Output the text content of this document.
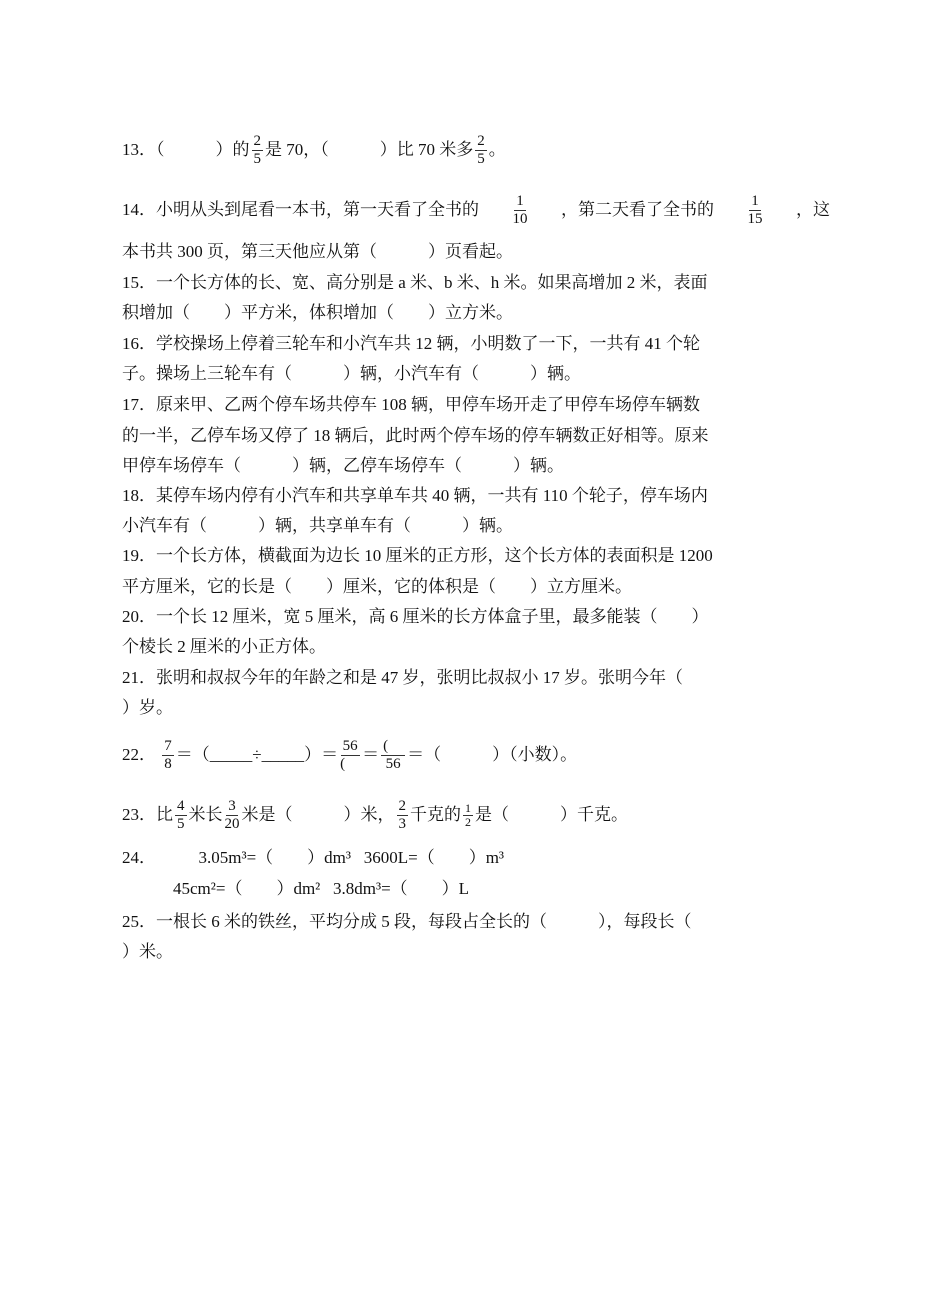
13．（　　　）的 $\frac{2}{5}$ 是 70，（　　　）比 70 米多 $\frac{2}{5}$ 。
14．小明从头到尾看一本书，第一天看了全书的 $\frac{1}{10}$ ，第二天看了全书的 $\frac{1}{15}$ ，这
本书共 300 页，第三天他应从第（　　　）页看起。
15．一个长方体的长、宽、高分别是 a 米、b 米、h 米。如果高增加 2 米，表面
积增加（　　）平方米，体积增加（　　）立方米。
16．学校操场上停着三轮车和小汽车共 12 辆，小明数了一下，一共有 41 个轮
子。操场上三轮车有（　　　）辆，小汽车有（　　　）辆。
17．原来甲、乙两个停车场共停车 108 辆，甲停车场开走了甲停车场停车辆数
的一半，乙停车场又停了 18 辆后，此时两个停车场的停车辆数正好相等。原来
甲停车场停车（　　　）辆，乙停车场停车（　　　）辆。
18．某停车场内停有小汽车和共享单车共 40 辆，一共有 110 个轮子，停车场内
小汽车有（　　　）辆，共享单车有（　　　）辆。
19．一个长方体，横截面为边长 10 厘米的正方形，这个长方体的表面积是 1200
平方厘米，它的长是（　　）厘米，它的体积是（　　）立方厘米。
20．一个长 12 厘米，宽 5 厘米，高 6 厘米的长方体盒子里，最多能装（　　）
个棱长 2 厘米的小正方体。
21．张明和叔叔今年的年龄之和是 47 岁，张明比叔叔小 17 岁。张明今年（
）岁。
22． $\frac{7}{8}$ ＝（_____÷_____）＝ $\frac{56}{(}$　 ＝ $\frac{(}{56}$ ＝（　　　）（小数）。
23．比 $\frac{4}{5}$ 米长 $\frac{3}{20}$ 米是（　　　）米， $\frac{2}{3}$ 千克的 $\frac{1}{2}$ 是（　　　）千克。
24．          3.05m³=（　　）dm³   3600L=（　　）m³
45cm²=（　　）dm²   3.8dm³=（　　）L
25．一根长 6 米的铁丝，平均分成 5 段，每段占全长的（　　　），每段长（
）米。
